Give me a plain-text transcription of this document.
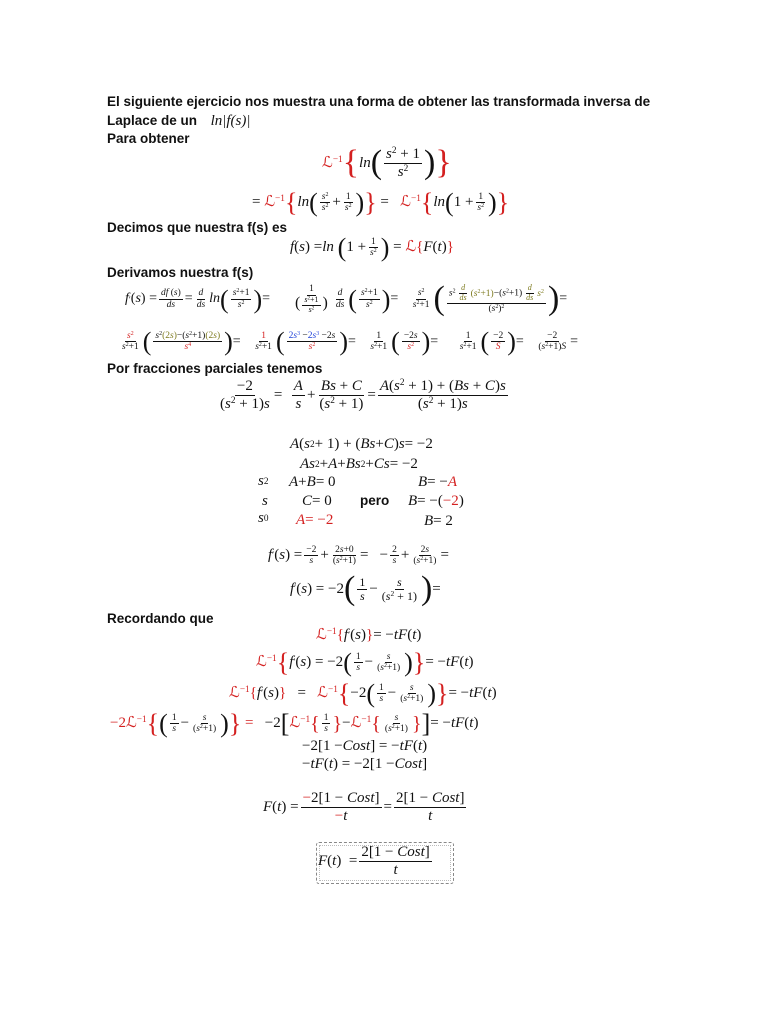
El siguiente ejercicio nos muestra una forma de obtener las transformada inversa de
Laplace de un ln|f(s)|
Para obtener
ℒ$^{-1}$ { ln ( $\frac{s^2 + 1}{s^2}$ ) }
= ℒ$^{-1}$ { ln ( $\frac{s^2}{s^2} + \frac{1}{s^2}$ ) } = ℒ$^{-1}$ { ln ( $1 + \frac{1}{s^2}$ ) }
Decimos que nuestra f(s) es
f ( s ) = ln
( $1 + \frac{1}{s^2}$ ) = ℒ{ F ( t ) }
Derivamos nuestra f(s)
f ′ ( s ) = $\frac{df (s)}{ds} = \frac{d}{ds}$ ln ( $\frac{s^2+1}{s^2}$ ) = $\frac{1}{( \frac{s^2+1}{s^2} )} \frac{d}{ds}$ ( $\frac{s^2+1}{s^2}$ ) = $\frac{s^2}{s^2+1}$ ( $\frac{s^2 \frac{d}{ds} (s^2+1)-(s^2+1) \frac{d}{ds} s^2}{(s^2)^2}$ ) =
$\frac{s^2}{s^2+1}$ ( $\frac{s^2(2s)-(s^2+1)(2s)}{s^4}$ ) = $\frac{1}{s^2+1}$ ( $\frac{2s^3 -2s^3 -2s}{s^2}$ ) = $\frac{1}{s^2+1}$ ( $\frac{-2s}{s^2}$ ) = $\frac{1}{s^2+1}$ ( $\frac{-2}{S}$ ) = $\frac{-2}{(s^2+1)S}$ =
Por fracciones parciales tenemos
$\frac{-2}{(s^2 + 1)s} = \frac{A}{s} + \frac{Bs + C}{(s^2 + 1)} = \frac{A(s^2 + 1) + (Bs + C)s}{(s^2 + 1)s}$
A ( s 2 + 1) + ( Bs + C ) s = −2
As 2 + A + Bs 2 + Cs = −2
s 2 A + B = 0	B = − A
s C = 0 pero B = −( −2 )
s 0 A = −2	B = 2
f ′ ( s ) = $\frac{-2}{s} + \frac{2s+0}{(s^2+1)}$ =   − $\frac{2}{s} + \frac{2s}{(s^2+1)}$ =
f ′ ( s ) = −2 ( $\frac{1}{s} - \frac{s}{(s^2 + 1)}$ ) =
Recordando que
ℒ$^{-1}${ f ′ ( s ) } = − tF ( t )
ℒ$^{-1}$ { f ′ ( s ) = −2 ( $\frac{1}{s} - \frac{s}{(s^2+1)}$ ) } = − tF ( t )
ℒ$^{-1}${ f ′ ( s ) } = ℒ$^{-1}$ { −2 ( $\frac{1}{s} - \frac{s}{(s^2+1)}$ ) } = − tF ( t )
−2ℒ$^{-1}$ { ( $\frac{1}{s} - \frac{s}{(s^2+1)}$ ) } = −2 [ ℒ$^{-1}$ { $\frac{1}{s}$ } − ℒ$^{-1}$ { $\frac{s}{(s^2+1)}$ } ] = − tF ( t )
−2[1 − Cost ] = − tF ( t )
− tF ( t ) = −2[1 − Cost ]
F ( t ) = $\frac{\text{−2[1 − Cost]}}{-t} = \frac{\text{2[1 − Cost]}}{t}$
F ( t )  = $\frac{\text{2[1 − Cost]}}{t}$
